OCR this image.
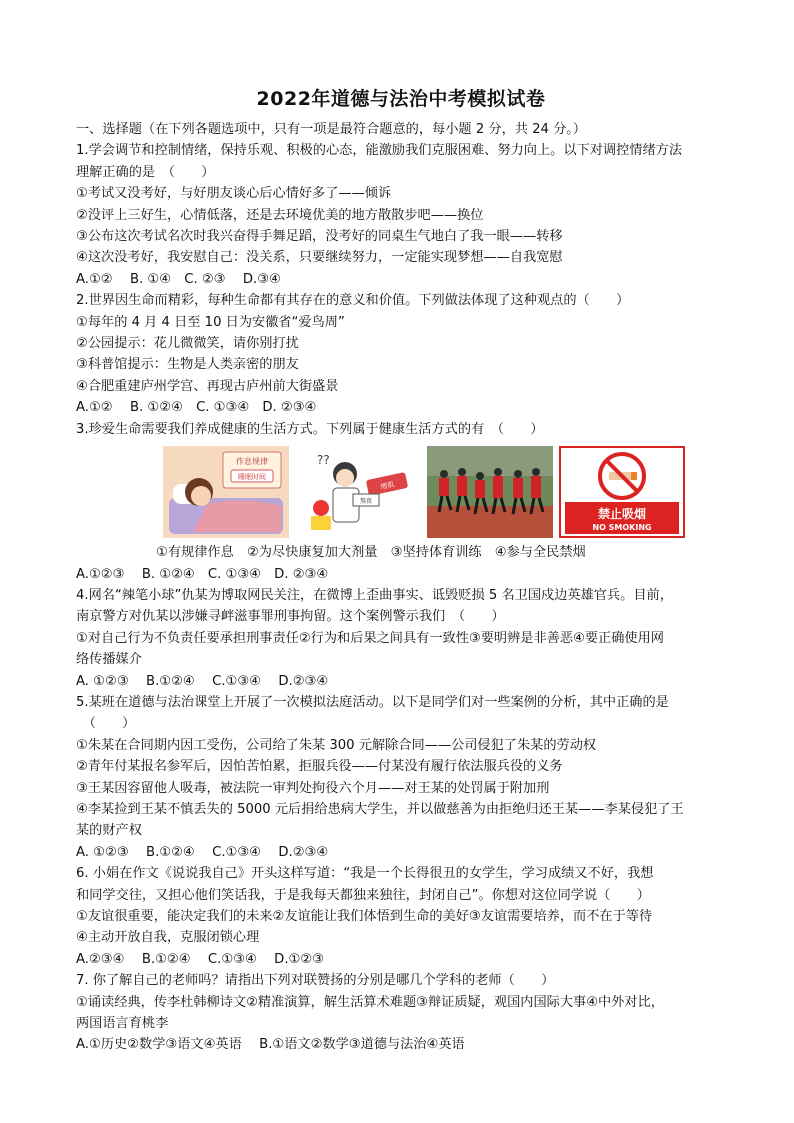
2022年道德与法治中考模拟试卷
一、选择题（在下列各题选项中，只有一项是最符合题意的，每小题 2 分，共 24 分。）
1.学会调节和控制情绪，保持乐观、积极的心态，能激励我们克服困难、努力向上。以下对调控情绪方法
理解正确的是　（　　）
①考试又没考好，与好朋友谈心后心情好多了——倾诉
②没评上三好生，心情低落，还是去环境优美的地方散散步吧——换位
③公布这次考试名次时我兴奋得手舞足蹈，没考好的同桌生气地白了我一眼——转移
④这次没考好，我安慰自己：没关系，只要继续努力，一定能实现梦想——自我宽慰
A.①②　 B. ①④　C. ②③　 D.③④
2.世界因生命而精彩，每种生命都有其存在的意义和价值。下列做法体现了这种观点的（　　）
①每年的 4 月 4 日至 10 日为安徽省“爱鸟周”
②公园提示：花儿微微笑，请你别打扰
③科普馆提示：生物是人类亲密的朋友
④合肥重建庐州学宫、再现古庐州前大街盛景
A.①②　 B. ①②④　C. ①③④　D. ②③④
3.珍爱生命需要我们养成健康的生活方式。下列属于健康生活方式的有　（　　）
作息规律
睡眠时间
??
增肌
熬夜
禁止吸烟
NO SMOKING
①有规律作息　②为尽快康复加大剂量　③坚持体育训练　④参与全民禁烟
A.①②③　 B. ①②④　C. ①③④　D. ②③④
4.网名“辣笔小球”仇某为博取网民关注，在微博上歪曲事实、诋毁贬损 5 名卫国戍边英雄官兵。目前，
南京警方对仇某以涉嫌寻衅滋事罪刑事拘留。这个案例警示我们　（　　）
①对自己行为不负责任要承担刑事责任②行为和后果之间具有一致性③要明辨是非善恶④要正确使用网
络传播媒介
A. ①②③　 B.①②④　 C.①③④　 D.②③④
5.某班在道德与法治课堂上开展了一次模拟法庭活动。以下是同学们对一些案例的分析，其中正确的是
　（　　）
①朱某在合同期内因工受伤，公司给了朱某 300 元解除合同——公司侵犯了朱某的劳动权
②青年付某报名参军后，因怕苦怕累，拒服兵役——付某没有履行依法服兵役的义务
③王某因容留他人吸毒，被法院一审判处拘役六个月——对王某的处罚属于附加刑
④李某捡到王某不慎丢失的 5000 元后捐给患病大学生，并以做慈善为由拒绝归还王某——李某侵犯了王
某的财产权
A. ①②③　 B.①②④　 C.①③④　 D.②③④
6. 小娟在作文《说说我自己》开头这样写道：“我是一个长得很丑的女学生，学习成绩又不好，我想
和同学交往，又担心他们笑话我，于是我每天都独来独往，封闭自己”。你想对这位同学说（　　）
①友谊很重要，能决定我们的未来②友谊能让我们体悟到生命的美好③友谊需要培养，而不在于等待
④主动开放自我，克服闭锁心理
A.②③④　 B.①②④　 C.①③④　 D.①②③
7. 你了解自己的老师吗？请指出下列对联赞扬的分别是哪几个学科的老师（　　）
①诵读经典，传李杜韩柳诗文②精准演算，解生活算术难题③辩证质疑，观国内国际大事④中外对比，
两国语言育桃李
A.①历史②数学③语文④英语　 B.①语文②数学③道德与法治④英语
